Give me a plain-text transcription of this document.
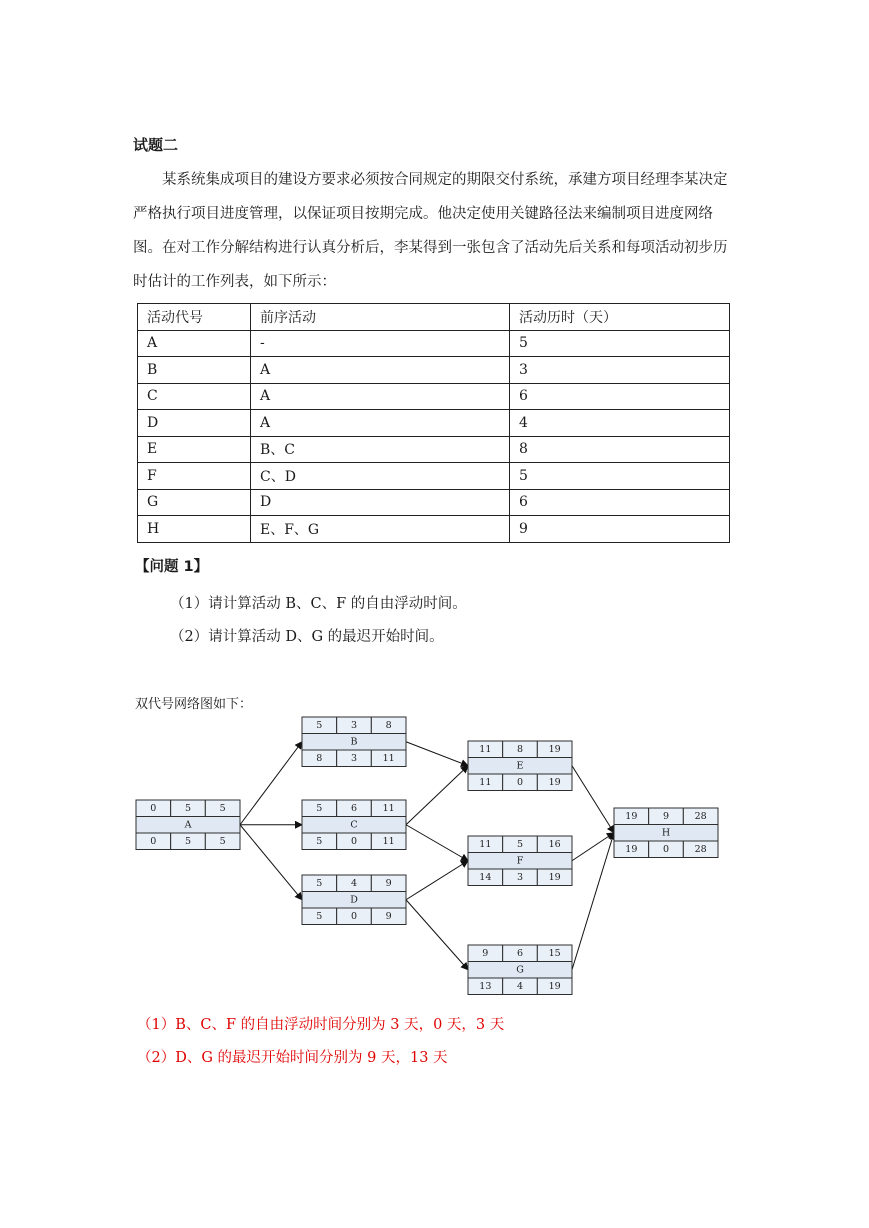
试题二

某系统集成项目的建设方要求必须按合同规定的期限交付系统，承建方项目经理李某决定严格执行项目进度管理，以保证项目按期完成。他决定使用关键路径法来编制项目进度网络图。在对工作分解结构进行认真分析后，李某得到一张包含了活动先后关系和每项活动初步历时估计的工作列表，如下所示：

活动代号	前序活动	活动历时（天）
A	-	5
B	A	3
C	A	6
D	A	4
E	B、C	8
F	C、D	5
G	D	6
H	E、F、G	9
【问题 1】
（1）请计算活动 B、C、F 的自由浮动时间。
（2）请计算活动 D、G 的最迟开始时间。
双代号网络图如下：
0	5	5
A
0	5	5
5	3	8
B
8	3	11
5	6	11
C
5	0	11
5	4	9
D
5	0	9
11	8	19
E
11	0	19
11	5	16
F
14	3	19
9	6	15
G
13	4	19
19	9	28
H
19	0	28
（1）B、C、F 的自由浮动时间分别为 3 天，0 天，3 天
（2）D、G 的最迟开始时间分别为 9 天，13 天
